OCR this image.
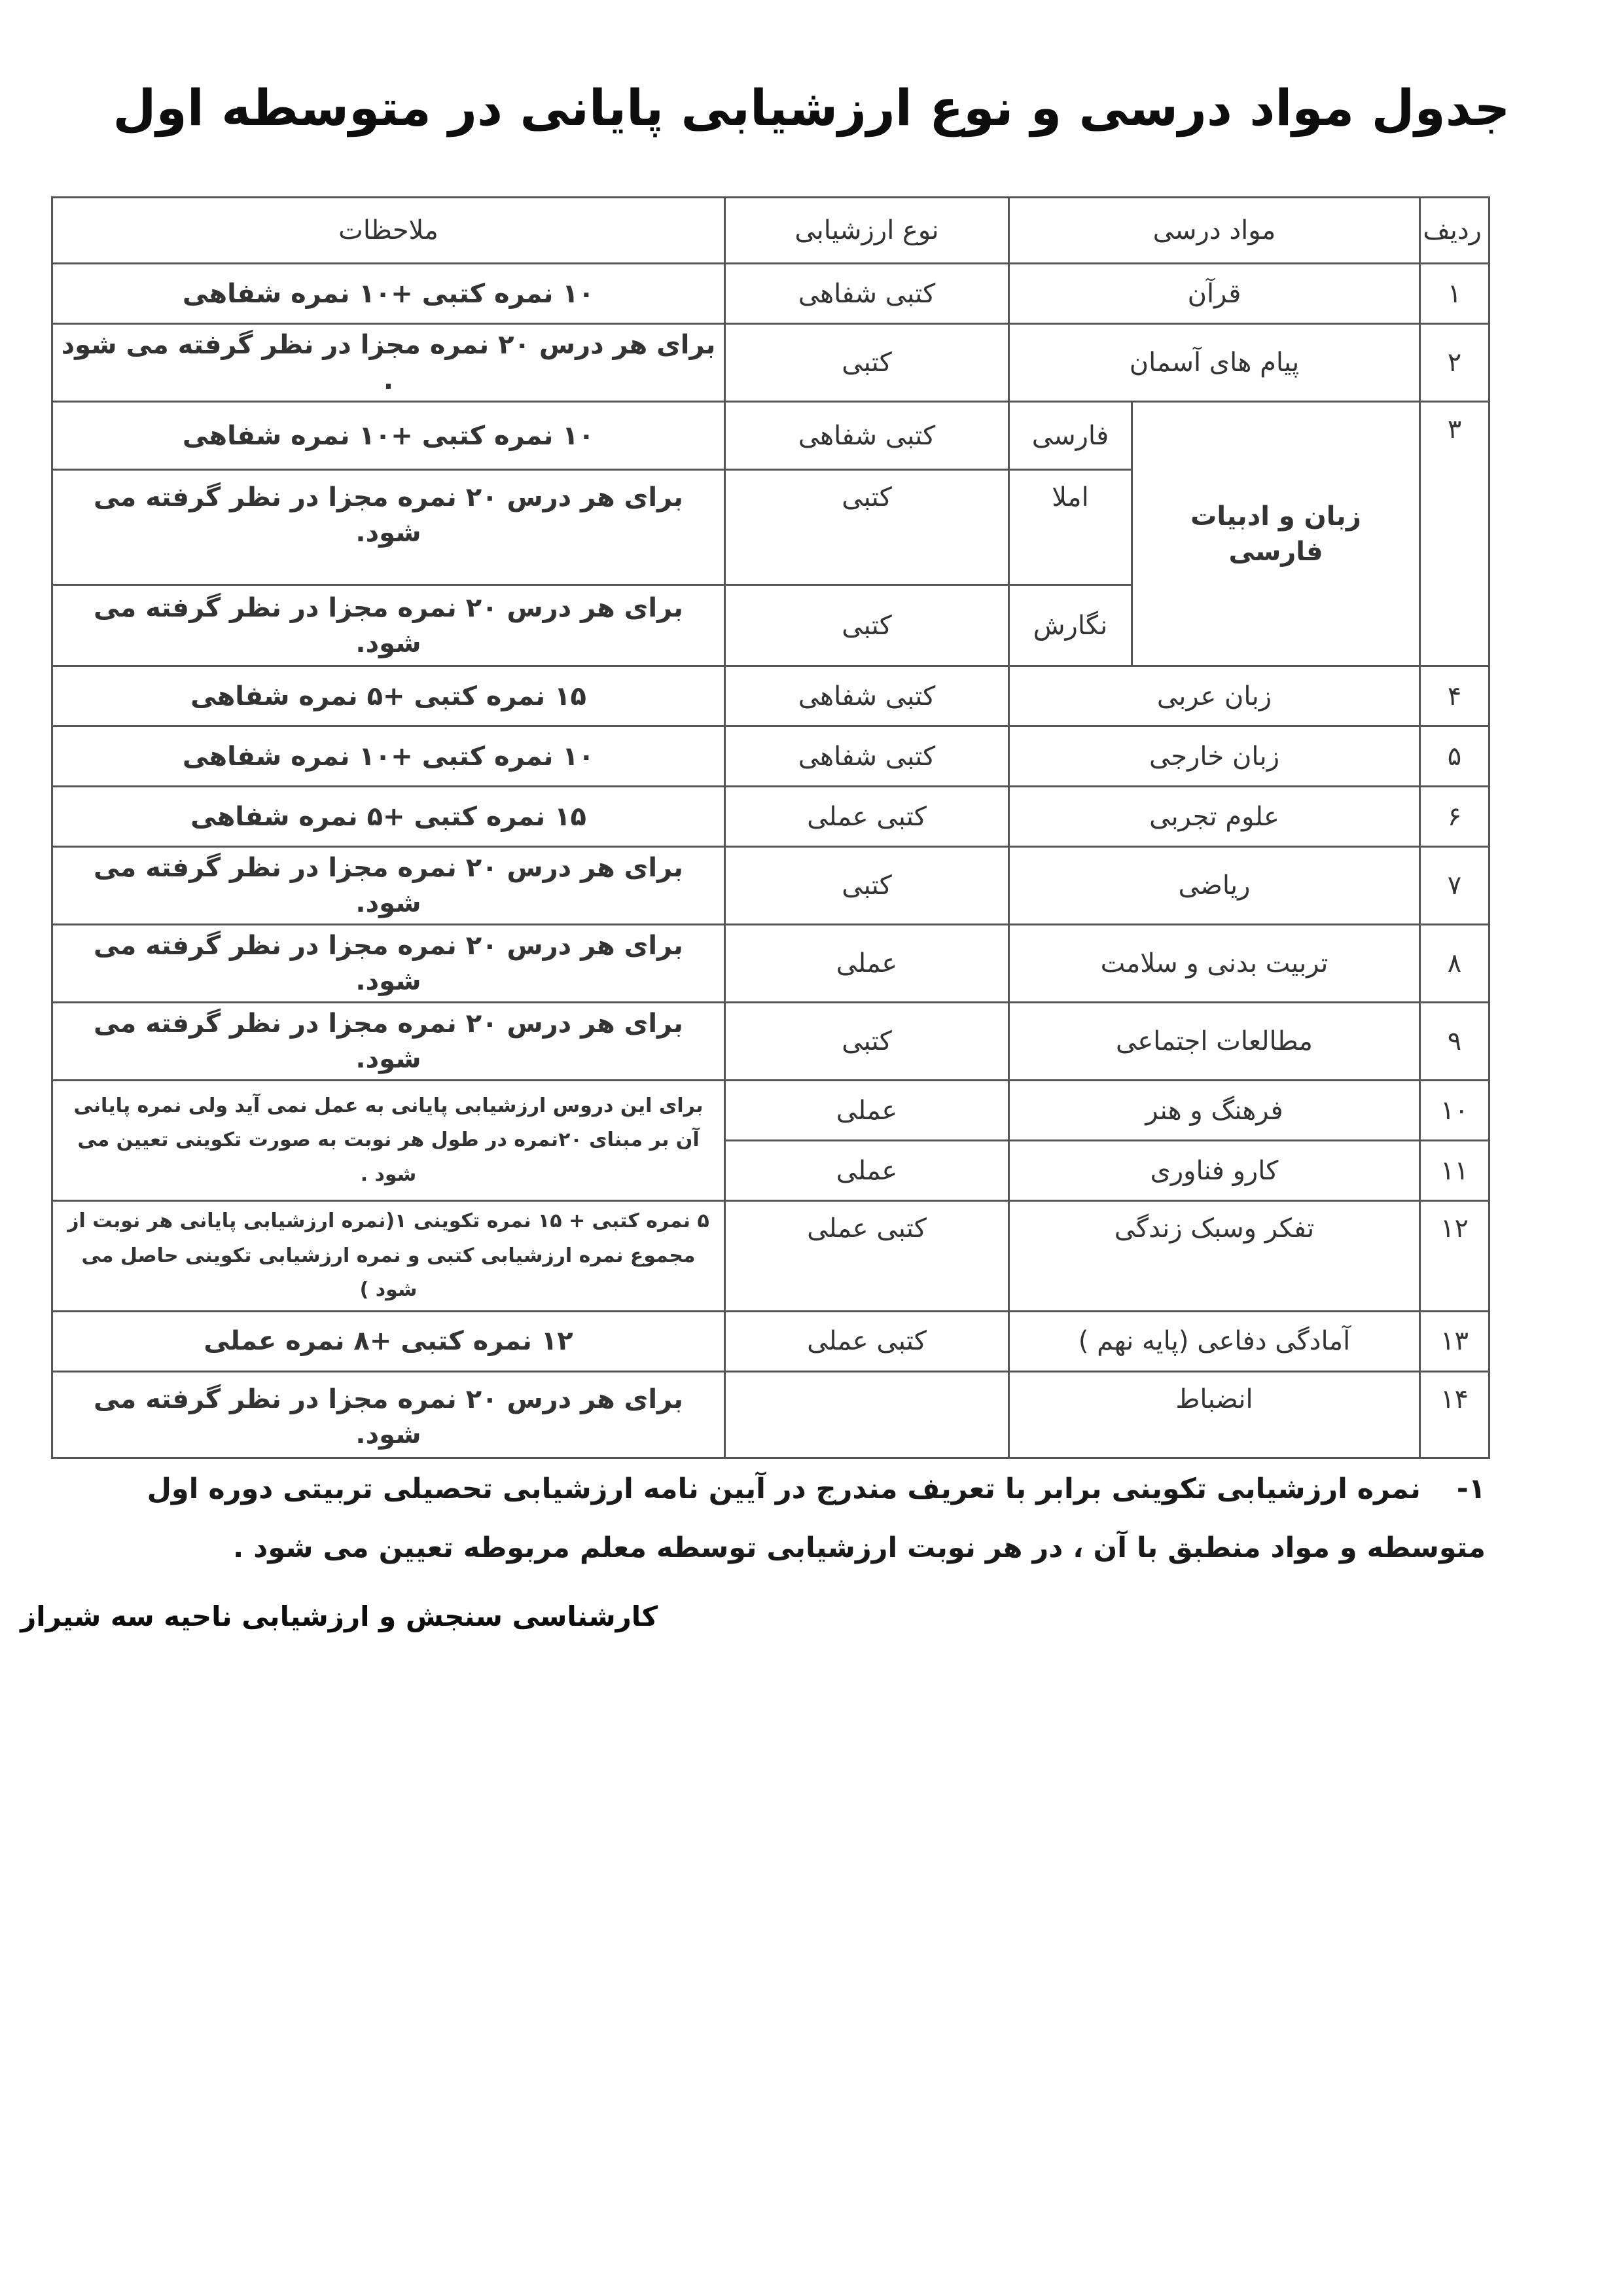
جدول مواد درسی و نوع ارزشیابی پایانی در متوسطه اول
ردیف	مواد درسی		نوع ارزشیابی	ملاحظات
۱	قرآن		کتبی شفاهی	۱۰ نمره کتبی +۱۰ نمره شفاهی
۲	پیام های آسمان		کتبی	برای هر درس ۲۰ نمره مجزا در نظر گرفته می شود .
۳	زبان و ادبیات فارسی	فارسی	کتبی شفاهی	۱۰ نمره کتبی +۱۰ نمره شفاهی
		املا	کتبی	برای هر درس ۲۰ نمره مجزا در نظر گرفته می شود.
		نگارش	کتبی	برای هر درس ۲۰ نمره مجزا در نظر گرفته می شود.
۴	زبان عربی		کتبی شفاهی	۱۵ نمره کتبی +۵ نمره شفاهی
۵	زبان خارجی		کتبی شفاهی	۱۰ نمره کتبی +۱۰ نمره شفاهی
۶	علوم تجربی		کتبی عملی	۱۵ نمره کتبی +۵ نمره شفاهی
۷	ریاضی		کتبی	برای هر درس ۲۰ نمره مجزا در نظر گرفته می شود.
۸	تربیت بدنی و سلامت		عملی	برای هر درس ۲۰ نمره مجزا در نظر گرفته می شود.
۹	مطالعات اجتماعی		کتبی	برای هر درس ۲۰ نمره مجزا در نظر گرفته می شود.
۱۰	فرهنگ و هنر		عملی	برای این دروس ارزشیابی پایانی به عمل نمی آید ولی نمره پایانی آن بر مبنای ۲۰نمره در طول هر نوبت به صورت تکوینی تعیین می شود .
۱۱	کارو فناوری		عملی	
۱۲	تفکر وسبک زندگی		کتبی عملی	۵ نمره کتبی + ۱۵ نمره تکوینی ۱(نمره ارزشیابی پایانی هر نوبت از مجموع نمره ارزشیابی کتبی و نمره ارزشیابی تکوینی حاصل می شود )
۱۳	آمادگی دفاعی (پایه نهم )		کتبی عملی	۱۲ نمره کتبی +۸ نمره عملی
۱۴	انضباط			برای هر درس ۲۰ نمره مجزا در نظر گرفته می شود.
۱- نمره ارزشیابی تکوینی برابر با تعریف مندرج در آیین نامه ارزشیابی تحصیلی تربیتی دوره اول متوسطه و مواد منطبق با آن ، در هر نوبت ارزشیابی توسطه معلم مربوطه تعیین می شود .
کارشناسی سنجش و ارزشیابی ناحیه سه شیراز
